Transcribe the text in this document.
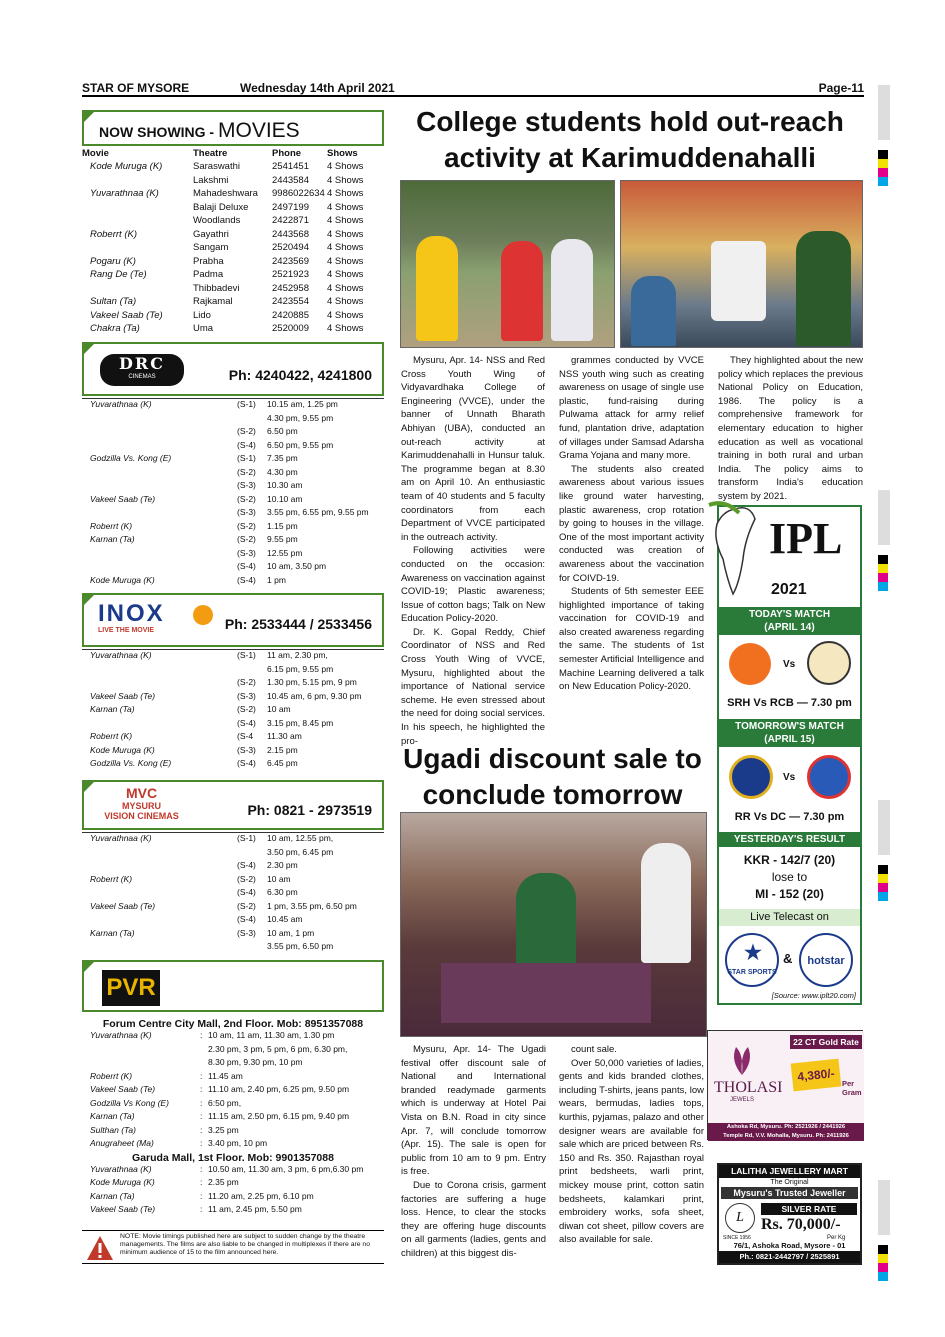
STAR OF MYSORE	Wednesday 14th April 2021	Page-11
NOW SHOWING - MOVIES
Movie	Theatre	Phone	Shows
Kode Muruga (K)	Saraswathi	2541451	4 Shows
	Lakshmi	2443584	4 Shows
Yuvarathnaa (K)	Mahadeshwara	9986022634	4 Shows
	Balaji Deluxe	2497199	4 Shows
	Woodlands	2422871	4 Shows
Roberrt (K)	Gayathri	2443568	4 Shows
	Sangam	2520494	4 Shows
Pogaru (K)	Prabha	2423569	4 Shows
Rang De (Te)	Padma	2521923	4 Shows
	Thibbadevi	2452958	4 Shows
Sultan (Ta)	Rajkamal	2423554	4 Shows
Vakeel Saab (Te)	Lido	2420885	4 Shows
Chakra (Ta)	Uma	2520009	4 Shows
DRC
CINEMAS	Ph: 4240422, 4241800
Yuvarathnaa (K)	(S-1)	10.15 am, 1.25 pm
		4.30 pm, 9.55 pm
	(S-2)	6.50 pm
	(S-4)	6.50 pm, 9.55 pm
Godzilla Vs. Kong (E)	(S-1)	7.35 pm
	(S-2)	4.30 pm
	(S-3)	10.30 am
Vakeel Saab (Te)	(S-2)	10.10 am
	(S-3)	3.55 pm, 6.55 pm, 9.55 pm
Roberrt (K)	(S-2)	1.15 pm
Karnan (Ta)	(S-2)	9.55 pm
	(S-3)	12.55 pm
	(S-4)	10 am, 3.50 pm
Kode Muruga (K)	(S-4)	1 pm
INOX
LIVE THE MOVIE	Ph: 2533444 / 2533456
Yuvarathnaa (K)	(S-1)	11 am, 2.30 pm,
		6.15 pm, 9.55 pm
	(S-2)	1.30 pm, 5.15 pm, 9 pm
Vakeel Saab (Te)	(S-3)	10.45 am, 6 pm, 9.30 pm
Karnan (Ta)	(S-2)	10 am
	(S-4)	3.15 pm, 8.45 pm
Roberrt (K)	(S-4	11.30 am
Kode Muruga (K)	(S-3)	2.15 pm
Godzilla Vs. Kong (E)	(S-4)	6.45 pm
MVC
MYSURU
VISION CINEMAS	Ph: 0821 - 2973519
Yuvarathnaa (K)	(S-1)	10 am, 12.55 pm,
		3.50 pm, 6.45 pm
	(S-4)	2.30 pm
Roberrt (K)	(S-2)	10 am
	(S-4)	6.30 pm
Vakeel Saab (Te)	(S-2)	1 pm, 3.55 pm, 6.50 pm
	(S-4)	10.45 am
Karnan (Ta)	(S-3)	10 am, 1 pm
		3.55 pm, 6.50 pm
PVR
Forum Centre City Mall, 2nd Floor. Mob: 8951357088
Yuvarathnaa (K)	:	10 am, 11 am, 11.30 am, 1.30 pm
		2.30 pm, 3 pm, 5 pm, 6 pm, 6.30 pm,
		8.30 pm, 9.30 pm, 10 pm
Roberrt (K)	:	11.45 am
Vakeel Saab (Te)	:	11.10 am, 2.40 pm, 6.25 pm, 9.50 pm
Godzilla Vs Kong (E)	:	6:50 pm,
Karnan (Ta)	:	11.15 am, 2.50 pm, 6.15 pm, 9.40 pm
Sulthan (Ta)	:	3.25 pm
Anugraheet (Ma)	:	3.40 pm, 10 pm
Garuda Mall, 1st Floor. Mob: 9901357088
Yuvarathnaa (K)	:	10.50 am, 11.30 am, 3 pm, 6 pm,6.30 pm
Kode Muruga (K)	:	2.35 pm
Karnan (Ta)	:	11.20 am, 2.25 pm, 6.10 pm
Vakeel Saab (Te)	:	11 am, 2.45 pm, 5.50 pm
NOTE: Movie timings published here are subject to sudden change by the theatre managements. The films are also liable to be changed in multiplexes if there are no minimum audience of 15 to the film announced here.
College students hold out-reach
activity at Karimuddenahalli

Mysuru, Apr. 14- NSS and Red Cross Youth Wing of Vidyavardhaka College of Engineering (VVCE), under the banner of Unnath Bharath Abhiyan (UBA), conducted an out-reach activity at Karimuddenahalli in Hunsur taluk. The programme began at 8.30 am on April 10. An enthusiastic team of 40 students and 5 faculty coordinators from each Department of VVCE participated in the outreach activity.

Following activities were conducted on the occasion: Awareness on vaccination against COVID-19; Plastic awareness; Issue of cotton bags; Talk on New Education Policy-2020.

Dr. K. Gopal Reddy, Chief Coordinator of NSS and Red Cross Youth Wing of VVCE, Mysuru, highlighted about the importance of National service scheme. He even stressed about the need for doing social services. In his speech, he highlighted the pro-

grammes conducted by VVCE NSS youth wing such as creating awareness on usage of single use plastic, fund-raising during Pulwama attack for army relief fund, plantation drive, adaptation of villages under Samsad Adarsha Grama Yojana and many more.

The students also created awareness about various issues like ground water harvesting, plastic awareness, crop rotation by going to houses in the village. One of the most important activity conducted was creation of awareness about the vaccination for COIVD-19.

Students of 5th semester EEE highlighted importance of taking vaccination for COVID-19 and also created awareness regarding the same. The students of 1st semester Artificial Intelligence and Machine Learning delivered a talk on New Education Policy-2020.

They highlighted about the new policy which replaces the previous National Policy on Education, 1986. The policy is a comprehensive framework for elementary education to higher education as well as vocational training in both rural and urban India. The policy aims to transform India's education system by 2021.

Ugadi discount sale to
conclude tomorrow

Mysuru, Apr. 14- The Ugadi festival offer discount sale of National and International branded readymade garments which is underway at Hotel Pai Vista on B.N. Road in city since Apr. 7, will conclude tomorrow (Apr. 15). The sale is open for public from 10 am to 9 pm. Entry is free.

Due to Corona crisis, garment factories are suffering a huge loss. Hence, to clear the stocks they are offering huge discounts on all garments (ladies, gents and children) at this biggest dis-

count sale.

Over 50,000 varieties of ladies, gents and kids branded clothes, including T-shirts, jeans pants, low wears, bermudas, ladies tops, kurthis, pyjamas, palazo and other designer wears are available for sale which are priced between Rs. 150 and Rs. 350. Rajasthan royal print bedsheets, warli print, mickey mouse print, cotton satin bedsheets, kalamkari print, embroidery works, sofa sheet, diwan cot sheet, pillow covers are also available for sale.

IPL
2021
TODAY'S MATCH
(APRIL 14)
Vs
SRH Vs RCB — 7.30 pm
TOMORROW'S MATCH
(APRIL 15)
Vs
RR Vs DC — 7.30 pm
YESTERDAY'S RESULT
KKR - 142/7 (20)
lose to
MI - 152 (20)
Live Telecast on
STAR SPORTS
★ &	hotstar
[Source: www.iplt20.com]
THOLASI
JEWELS
22 CT Gold Rate
4,380/- Per Gram
Ashoka Rd, Mysuru. Ph: 2521926 / 2441926
Temple Rd, V.V. Mohalla, Mysuru. Ph: 2411926
LALITHA JEWELLERY MART
The Original
Mysuru's Trusted Jeweller
L
SINCE 1956
SILVER RATE
Rs. 70,000/-
Per Kg
76/1, Ashoka Road, Mysore - 01
Ph.: 0821-2442797 / 2525891
